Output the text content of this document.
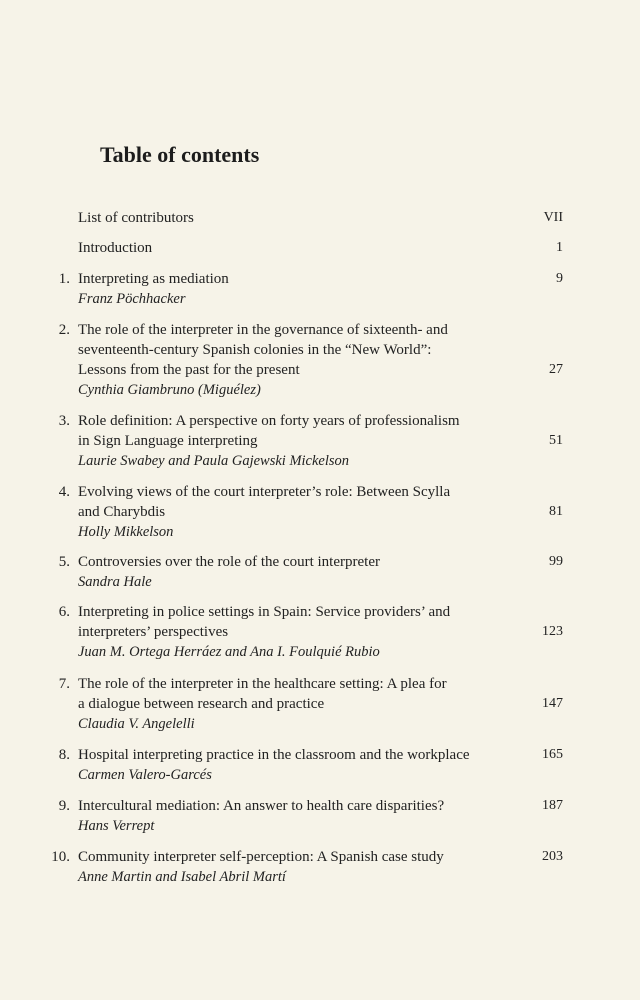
Table of contents
List of contributors	VII
Introduction	1
1. Interpreting as mediation
Franz Pöchhacker
9
2. The role of the interpreter in the governance of sixteenth- and
seventeenth-century Spanish colonies in the “New World”:
Lessons from the past for the present
Cynthia Giambruno (Miguélez)
27
3. Role definition: A perspective on forty years of professionalism
in Sign Language interpreting
Laurie Swabey and Paula Gajewski Mickelson
51
4. Evolving views of the court interpreter’s role: Between Scylla
and Charybdis
Holly Mikkelson
81
5. Controversies over the role of the court interpreter
Sandra Hale
99
6. Interpreting in police settings in Spain: Service providers’ and
interpreters’ perspectives
Juan M. Ortega Herráez and Ana I. Foulquié Rubio
123
7. The role of the interpreter in the healthcare setting: A plea for
a dialogue between research and practice
Claudia V. Angelelli
147
8. Hospital interpreting practice in the classroom and the workplace
Carmen Valero-Garcés
165
9. Intercultural mediation: An answer to health care disparities?
Hans Verrept
187
10. Community interpreter self-perception: A Spanish case study
Anne Martin and Isabel Abril Martí
203
